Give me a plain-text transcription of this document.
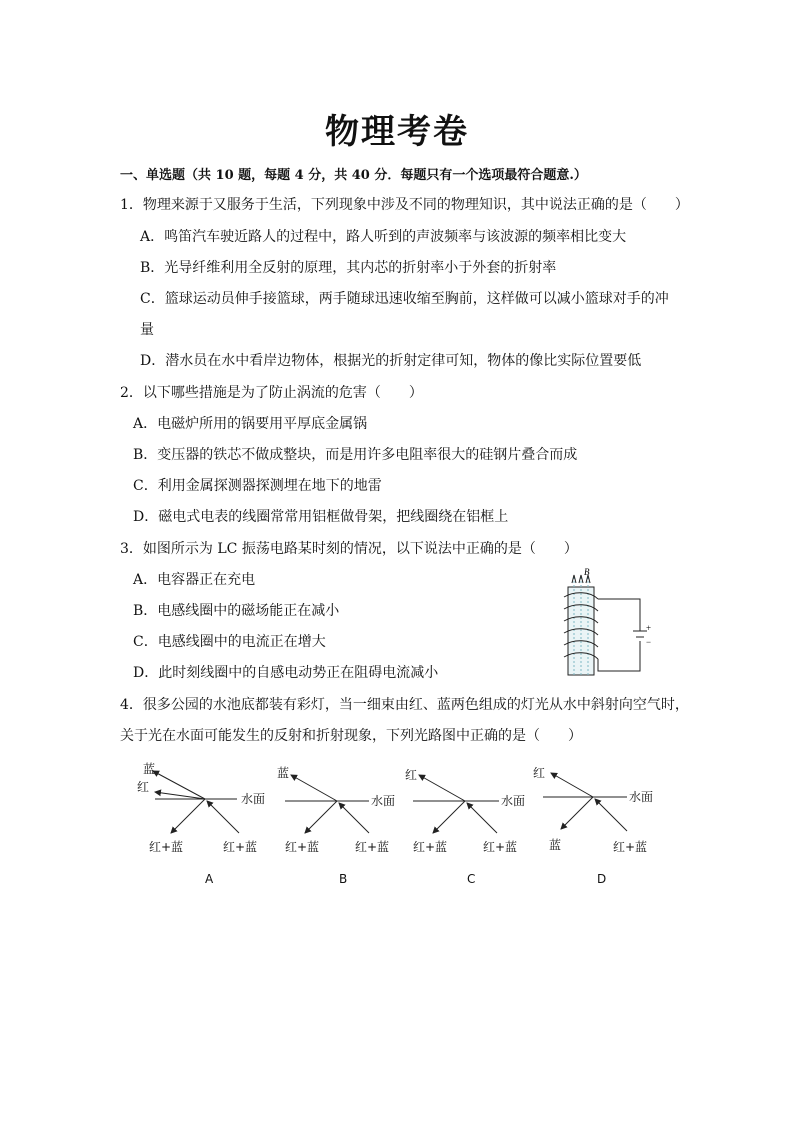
物理考卷
一、单选题（共 10 题，每题 4 分，共 40 分．每题只有一个选项最符合题意.）
1．物理来源于又服务于生活，下列现象中涉及不同的物理知识，其中说法正确的是（　　）
A．鸣笛汽车驶近路人的过程中，路人听到的声波频率与该波源的频率相比变大
B．光导纤维利用全反射的原理，其内芯的折射率小于外套的折射率
C．篮球运动员伸手接篮球，两手随球迅速收缩至胸前，这样做可以减小篮球对手的冲
量
D．潜水员在水中看岸边物体，根据光的折射定律可知，物体的像比实际位置要低
2．以下哪些措施是为了防止涡流的危害（　　）
A．电磁炉所用的锅要用平厚底金属锅
B．变压器的铁芯不做成整块，而是用许多电阻率很大的硅钢片叠合而成
C．利用金属探测器探测埋在地下的地雷
D．磁电式电表的线圈常常用铝框做骨架，把线圈绕在铝框上
3．如图所示为 LC 振荡电路某时刻的情况，以下说法中正确的是（　　）
A．电容器正在充电
B．电感线圈中的磁场能正在减小
C．电感线圈中的电流正在增大
D．此时刻线圈中的自感电动势正在阻碍电流减小
B
+
−
4．很多公园的水池底都装有彩灯，当一细束由红、蓝两色组成的灯光从水中斜射向空气时，
关于光在水面可能发生的反射和折射现象，下列光路图中正确的是（　　）
蓝
红
水面
红+蓝	红+蓝
A
蓝
水面
红+蓝	红+蓝
B
红
水面
红+蓝	红+蓝
C
红
水面
蓝	红+蓝
D
